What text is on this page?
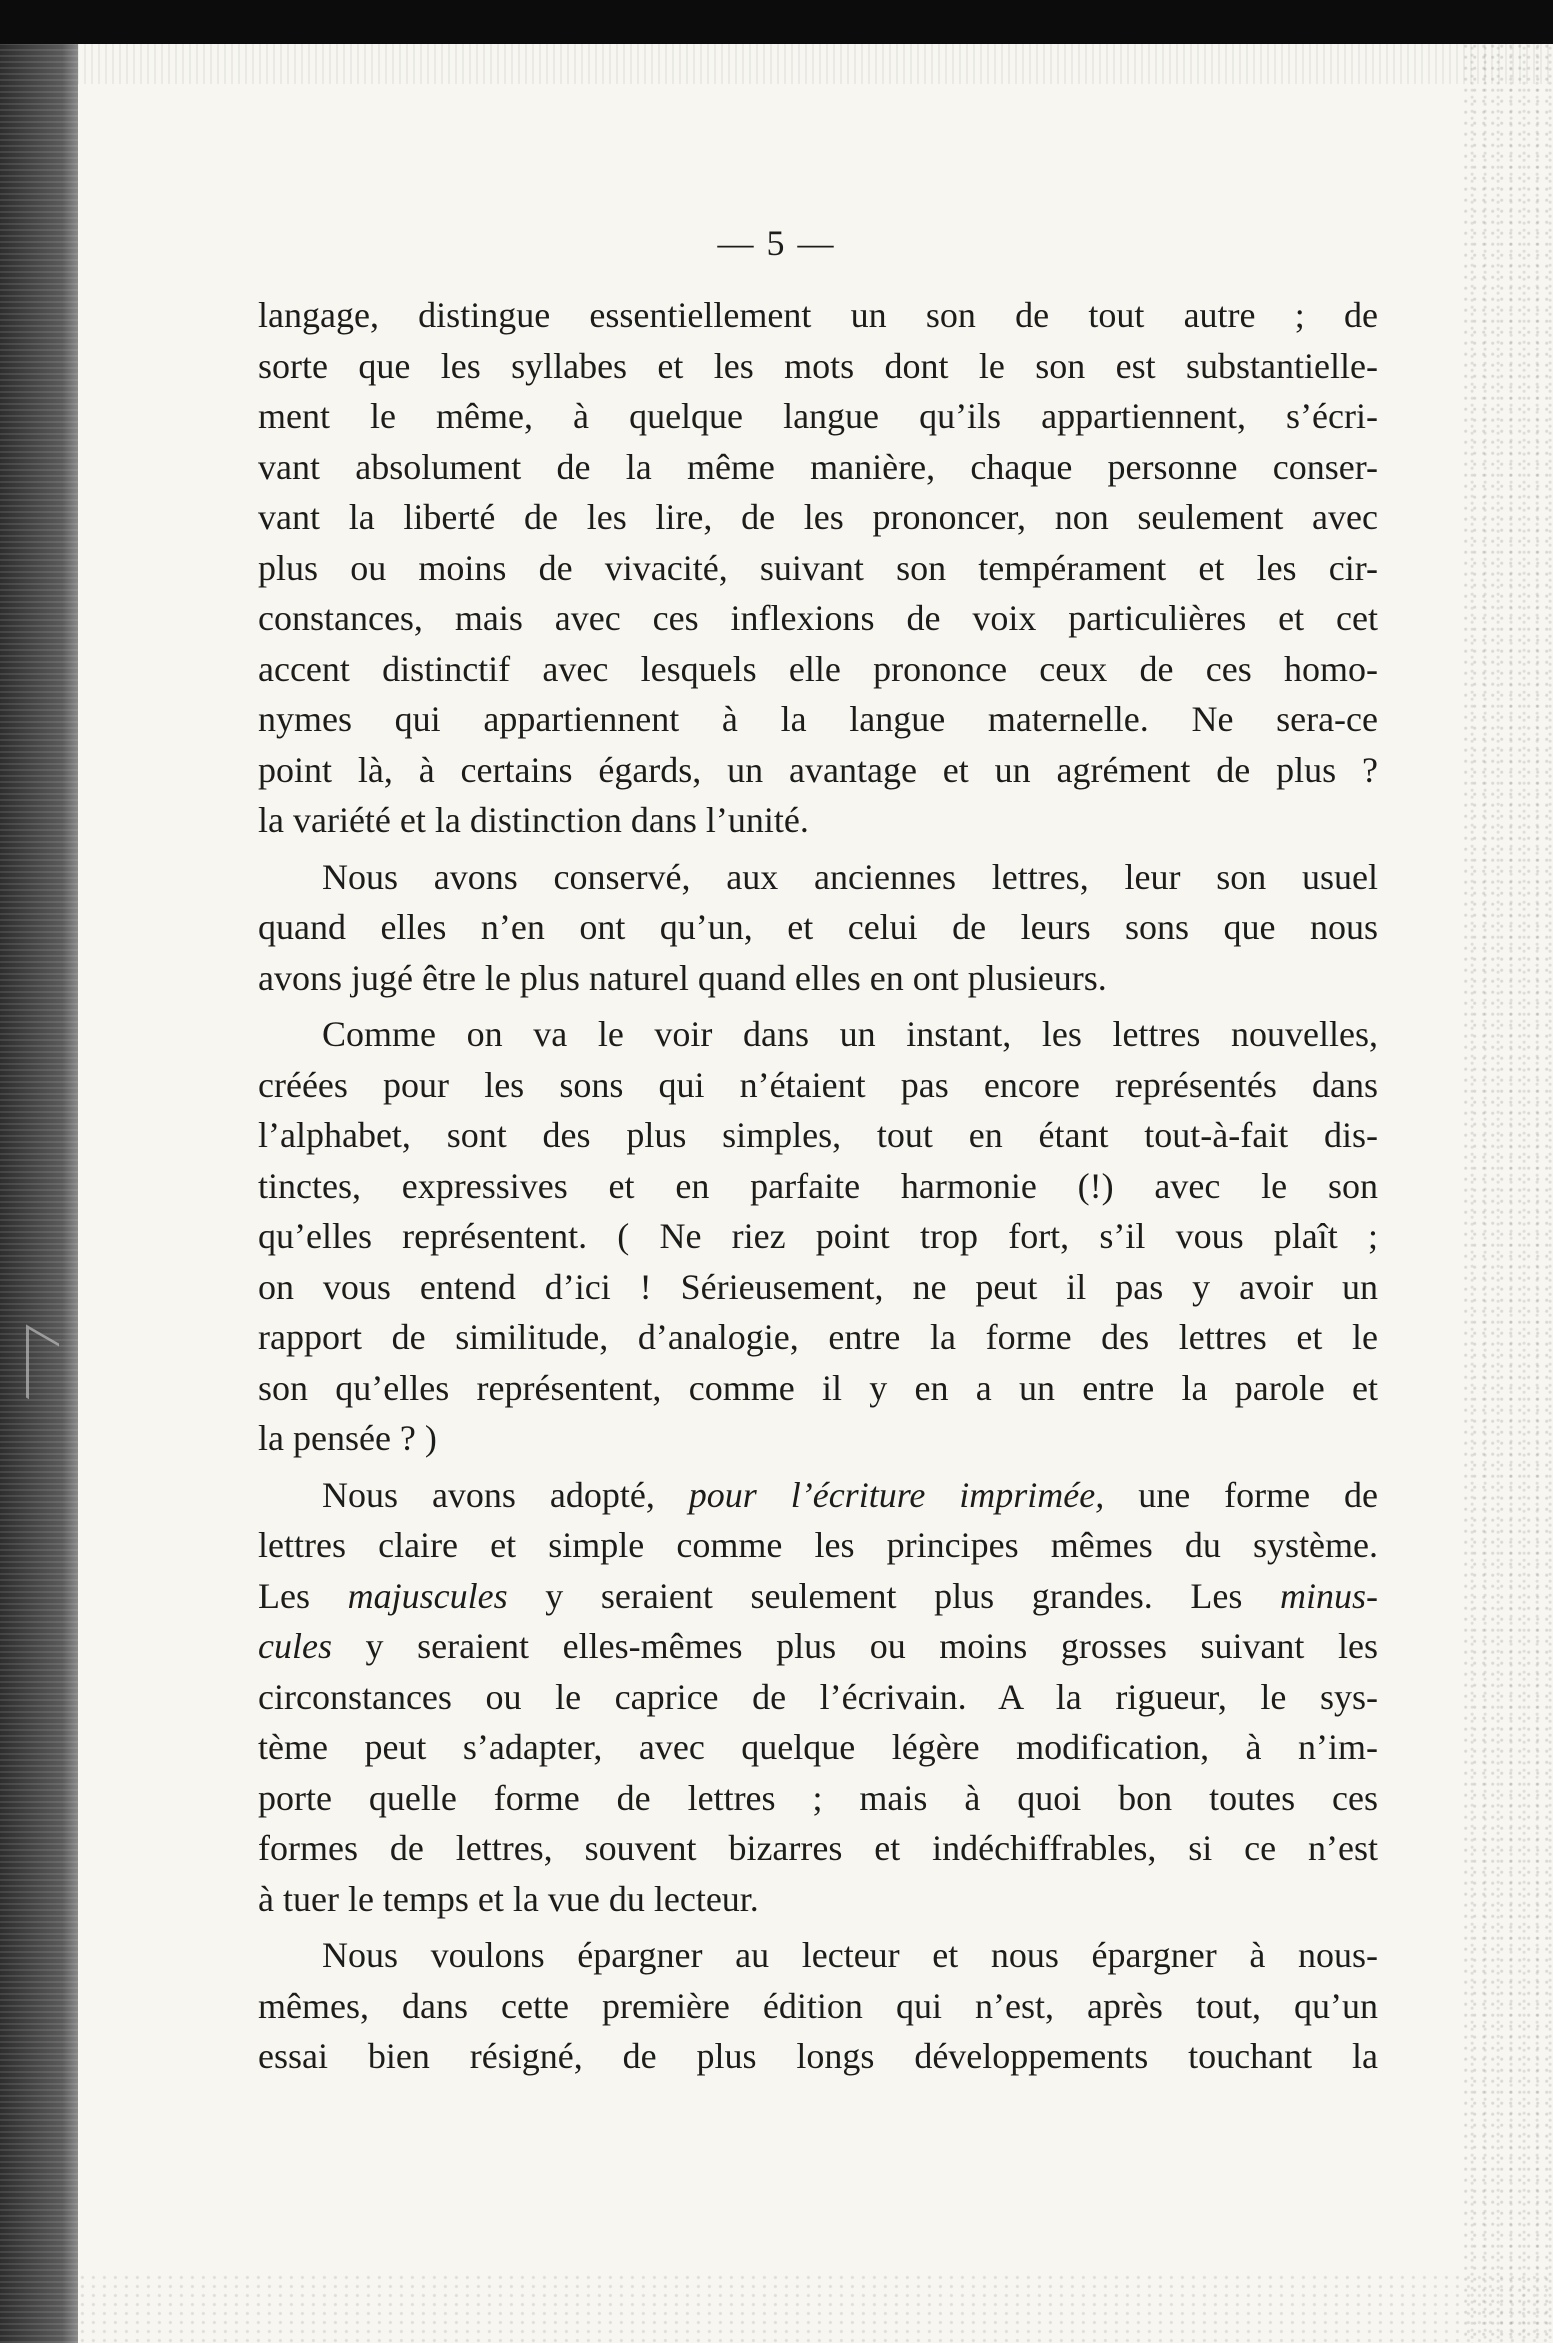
— 5 —
langage, distingue essentiellement un son de tout autre ; de
sorte que les syllabes et les mots dont le son est substantielle-
ment le même, à quelque langue qu’ils appartiennent, s’écri-
vant absolument de la même manière, chaque personne conser-
vant la liberté de les lire, de les prononcer, non seulement avec
plus ou moins de vivacité, suivant son tempérament et les cir-
constances, mais avec ces inflexions de voix particulières et cet
accent distinctif avec lesquels elle prononce ceux de ces homo-
nymes qui appartiennent à la langue maternelle. Ne sera-ce
point là, à certains égards, un avantage et un agrément de plus ?
la variété et la distinction dans l’unité.
Nous avons conservé, aux anciennes lettres, leur son usuel
quand elles n’en ont qu’un, et celui de leurs sons que nous
avons jugé être le plus naturel quand elles en ont plusieurs.
Comme on va le voir dans un instant, les lettres nouvelles,
créées pour les sons qui n’étaient pas encore représentés dans
l’alphabet, sont des plus simples, tout en étant tout-à-fait dis-
tinctes, expressives et en parfaite harmonie (!) avec le son
qu’elles représentent. ( Ne riez point trop fort, s’il vous plaît ;
on vous entend d’ici ! Sérieusement, ne peut il pas y avoir un
rapport de similitude, d’analogie, entre la forme des lettres et le
son qu’elles représentent, comme il y en a un entre la parole et
la pensée ? )
Nous avons adopté, pour l’écriture imprimée, une forme de
lettres claire et simple comme les principes mêmes du système.
Les majuscules y seraient seulement plus grandes. Les minus-
cules y seraient elles-mêmes plus ou moins grosses suivant les
circonstances ou le caprice de l’écrivain. A la rigueur, le sys-
tème peut s’adapter, avec quelque légère modification, à n’im-
porte quelle forme de lettres ; mais à quoi bon toutes ces
formes de lettres, souvent bizarres et indéchiffrables, si ce n’est
à tuer le temps et la vue du lecteur.
Nous voulons épargner au lecteur et nous épargner à nous-
mêmes, dans cette première édition qui n’est, après tout, qu’un
essai bien résigné, de plus longs développements touchant la
